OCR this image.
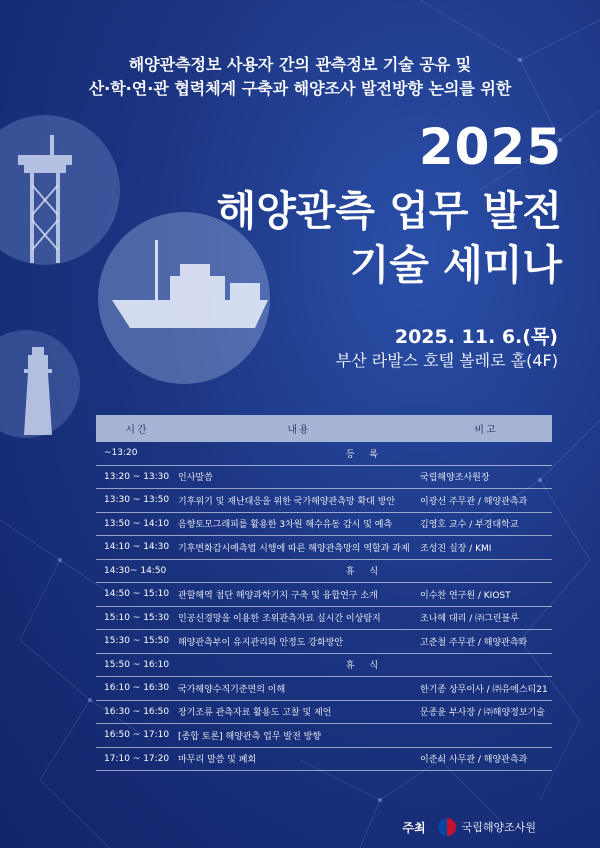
해양관측정보 사용자 간의 관측정보 기술 공유 및
산·학·연·관 협력체계 구축과 해양조사 발전방향 논의를 위한
2025
해양관측 업무 발전
기술 세미나
2025. 11. 6.(목)
부산 라발스 호텔 볼레로 홀(4F)
시간	내용	비고
~13:20	등 록	
13:20 ~ 13:30	인사말씀	국립해양조사원장
13:30 ~ 13:50	기후위기 및 재난대응을 위한 국가해양관측망 확대 방안	이광선 주무관 / 해양관측과
13:50 ~ 14:10	음향토모그래피를 활용한 3차원 해수유동 감시 및 예측	김영호 교수 / 부경대학교
14:10 ~ 14:30	기후변화감시예측법 시행에 따른 해양관측망의 역할과 과제	조성진 실장 / KMI
14:30~ 14:50	휴 식	
14:50 ~ 15:10	관할해역 첨단 해양과학기지 구축 및 융합연구 소개	이수찬 연구원 / KIOST
15:10 ~ 15:30	인공신경망을 이용한 조위관측자료 실시간 이상탐지	조나혜 대리 / ㈜그린블루
15:30 ~ 15:50	해양관측부이 유지관리와 안정도 강화방안	고준철 주무관 / 해양관측과
15:50 ~ 16:10	휴 식	
16:10 ~ 16:30	국가해양수직기준면의 이해	한기종 상무이사 / ㈜유에스티21
16:30 ~ 16:50	장기조류 관측자료 활용도 고찰 및 제언	문종윤 부사장 / ㈜해양정보기술
16:50 ~ 17:10	[종합 토론] 해양관측 업무 발전 방향	
17:10 ~ 17:20	마무리 말씀 및 폐회	이준식 사무관 / 해양관측과
주최	국립해양조사원
